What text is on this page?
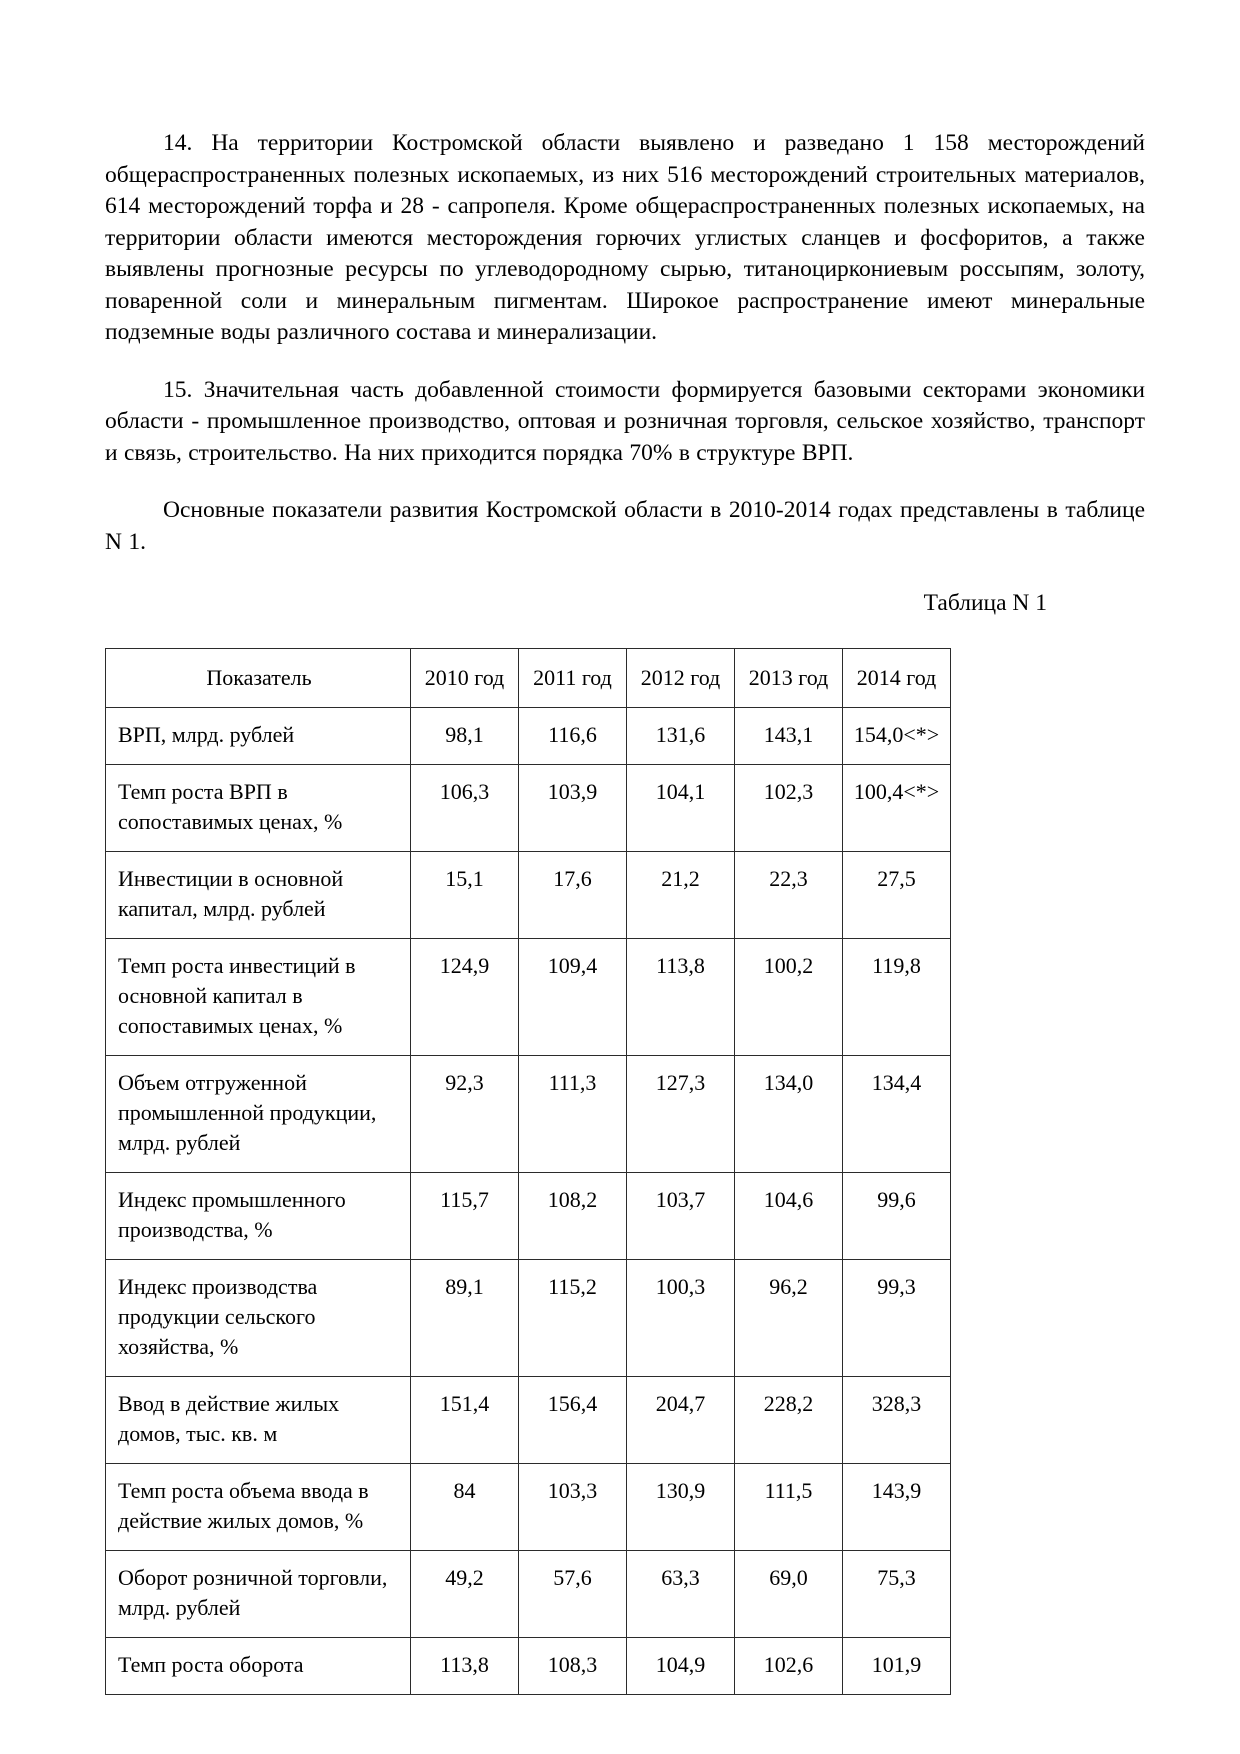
14. На территории Костромской области выявлено и разведано 1 158 месторождений общераспространенных полезных ископаемых, из них 516 месторождений строительных материалов, 614 месторождений торфа и 28 - сапропеля. Кроме общераспространенных полезных ископаемых, на территории области имеются месторождения горючих углистых сланцев и фосфоритов, а также выявлены прогнозные ресурсы по углеводородному сырью, титаноциркониевым россыпям, золоту, поваренной соли и минеральным пигментам. Широкое распространение имеют минеральные подземные воды различного состава и минерализации.

15. Значительная часть добавленной стоимости формируется базовыми секторами экономики области - промышленное производство, оптовая и розничная торговля, сельское хозяйство, транспорт и связь, строительство. На них приходится порядка 70% в структуре ВРП.

Основные показатели развития Костромской области в 2010-2014 годах представлены в таблице N 1.

Таблица N 1
Показатель	2010 год	2011 год	2012 год	2013 год	2014 год
ВРП, млрд. рублей	98,1	116,6	131,6	143,1	154,0<*>
Темп роста ВРП в сопоставимых ценах, %	106,3	103,9	104,1	102,3	100,4<*>
Инвестиции в основной капитал, млрд. рублей	15,1	17,6	21,2	22,3	27,5
Темп роста инвестиций в основной капитал в сопоставимых ценах, %	124,9	109,4	113,8	100,2	119,8
Объем отгруженной промышленной продукции, млрд. рублей	92,3	111,3	127,3	134,0	134,4
Индекс промышленного производства, %	115,7	108,2	103,7	104,6	99,6
Индекс производства продукции сельского хозяйства, %	89,1	115,2	100,3	96,2	99,3
Ввод в действие жилых домов, тыс. кв. м	151,4	156,4	204,7	228,2	328,3
Темп роста объема ввода в действие жилых домов, %	84	103,3	130,9	111,5	143,9
Оборот розничной торговли, млрд. рублей	49,2	57,6	63,3	69,0	75,3
Темп роста оборота	113,8	108,3	104,9	102,6	101,9
